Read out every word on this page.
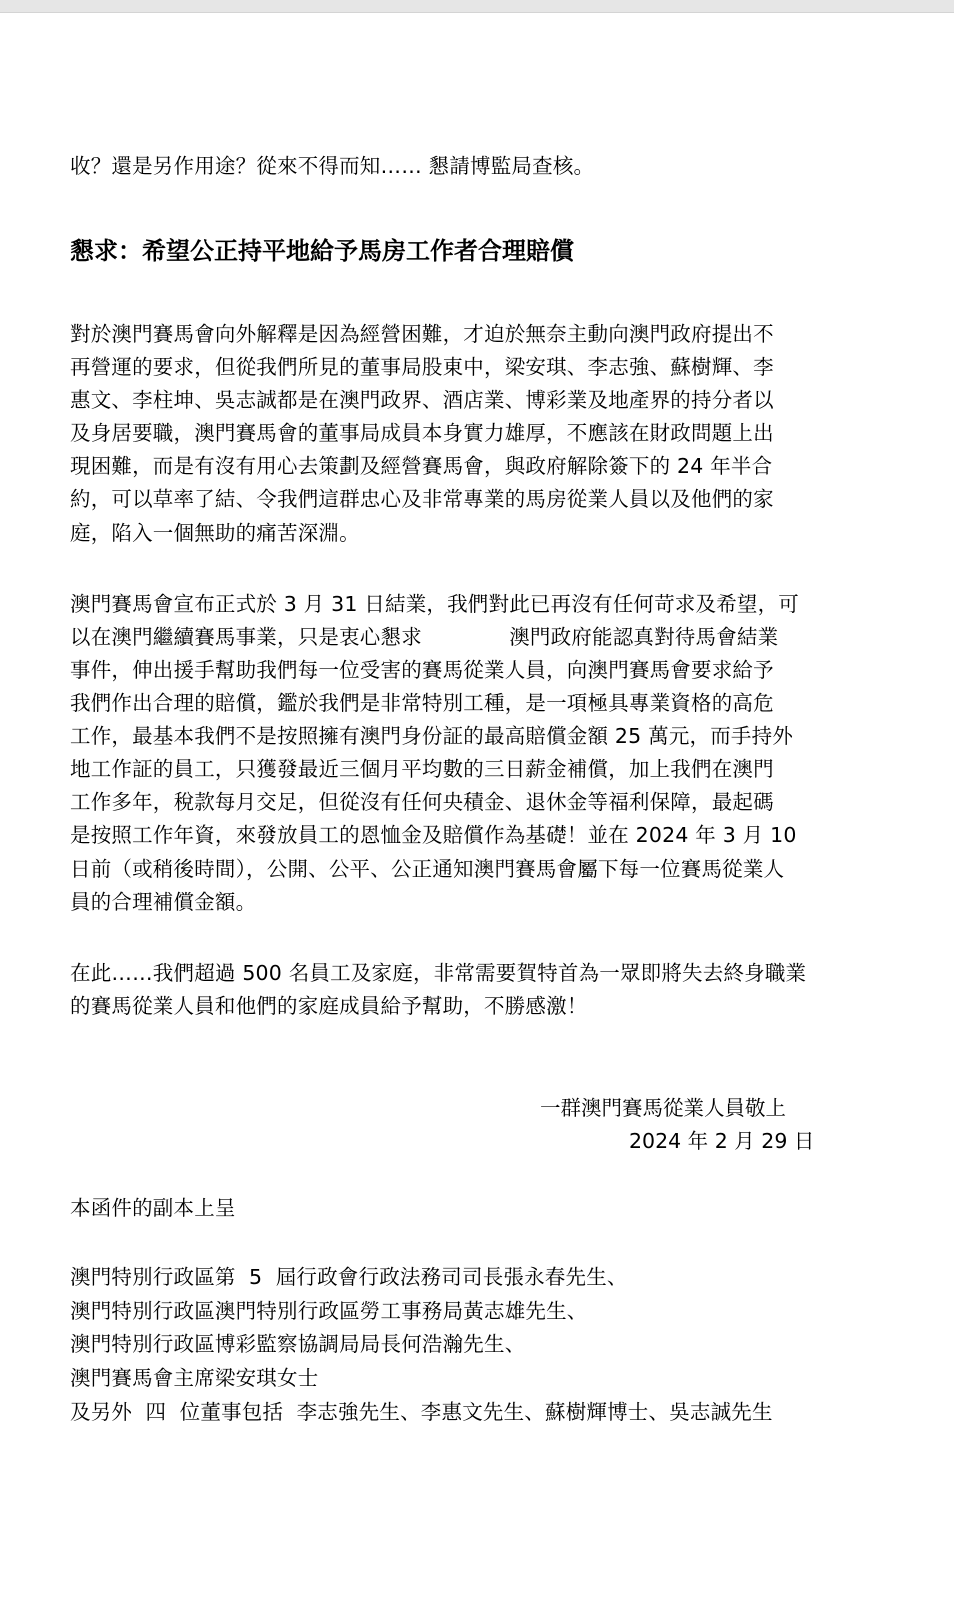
收？還是另作用途？從來不得而知…… 懇請博監局查核。
懇求：希望公正持平地給予馬房工作者合理賠償
對於澳門賽馬會向外解釋是因為經營困難，才迫於無奈主動向澳門政府提出不
再營運的要求，但從我們所見的董事局股東中，梁安琪、李志強、蘇樹輝、李
惠文、李柱坤、吳志誠都是在澳門政界、酒店業、博彩業及地產界的持分者以
及身居要職，澳門賽馬會的董事局成員本身實力雄厚，不應該在財政問題上出
現困難，而是有沒有用心去策劃及經營賽馬會，與政府解除簽下的 24 年半合
約，可以草率了結、令我們這群忠心及非常專業的馬房從業人員以及他們的家
庭，陷入一個無助的痛苦深淵。
澳門賽馬會宣布正式於 3 月 31 日結業，我們對此已再沒有任何苛求及希望，可
以在澳門繼續賽馬事業，只是衷心懇求             澳門政府能認真對待馬會結業
事件，伸出援手幫助我們每一位受害的賽馬從業人員，向澳門賽馬會要求給予
我們作出合理的賠償，鑑於我們是非常特別工種，是一項極具專業資格的高危
工作，最基本我們不是按照擁有澳門身份証的最高賠償金額 25 萬元，而手持外
地工作証的員工，只獲發最近三個月平均數的三日薪金補償，加上我們在澳門
工作多年，稅款每月交足，但從沒有任何央積金、退休金等福利保障，最起碼
是按照工作年資，來發放員工的恩恤金及賠償作為基礎！並在 2024 年 3 月 10
日前（或稍後時間），公開、公平、公正通知澳門賽馬會屬下每一位賽馬從業人
員的合理補償金額。
在此……我們超過 500 名員工及家庭，非常需要賀特首為一眾即將失去終身職業
的賽馬從業人員和他們的家庭成員給予幫助，不勝感激！
一群澳門賽馬從業人員敬上
2024 年 2 月 29 日
本函件的副本上呈
澳門特別行政區第  5  屆行政會行政法務司司長張永春先生、
澳門特別行政區澳門特別行政區勞工事務局黃志雄先生、
澳門特別行政區博彩監察協調局局長何浩瀚先生、
澳門賽馬會主席梁安琪女士
及另外  四  位董事包括  李志強先生、李惠文先生、蘇樹輝博士、吳志誠先生
